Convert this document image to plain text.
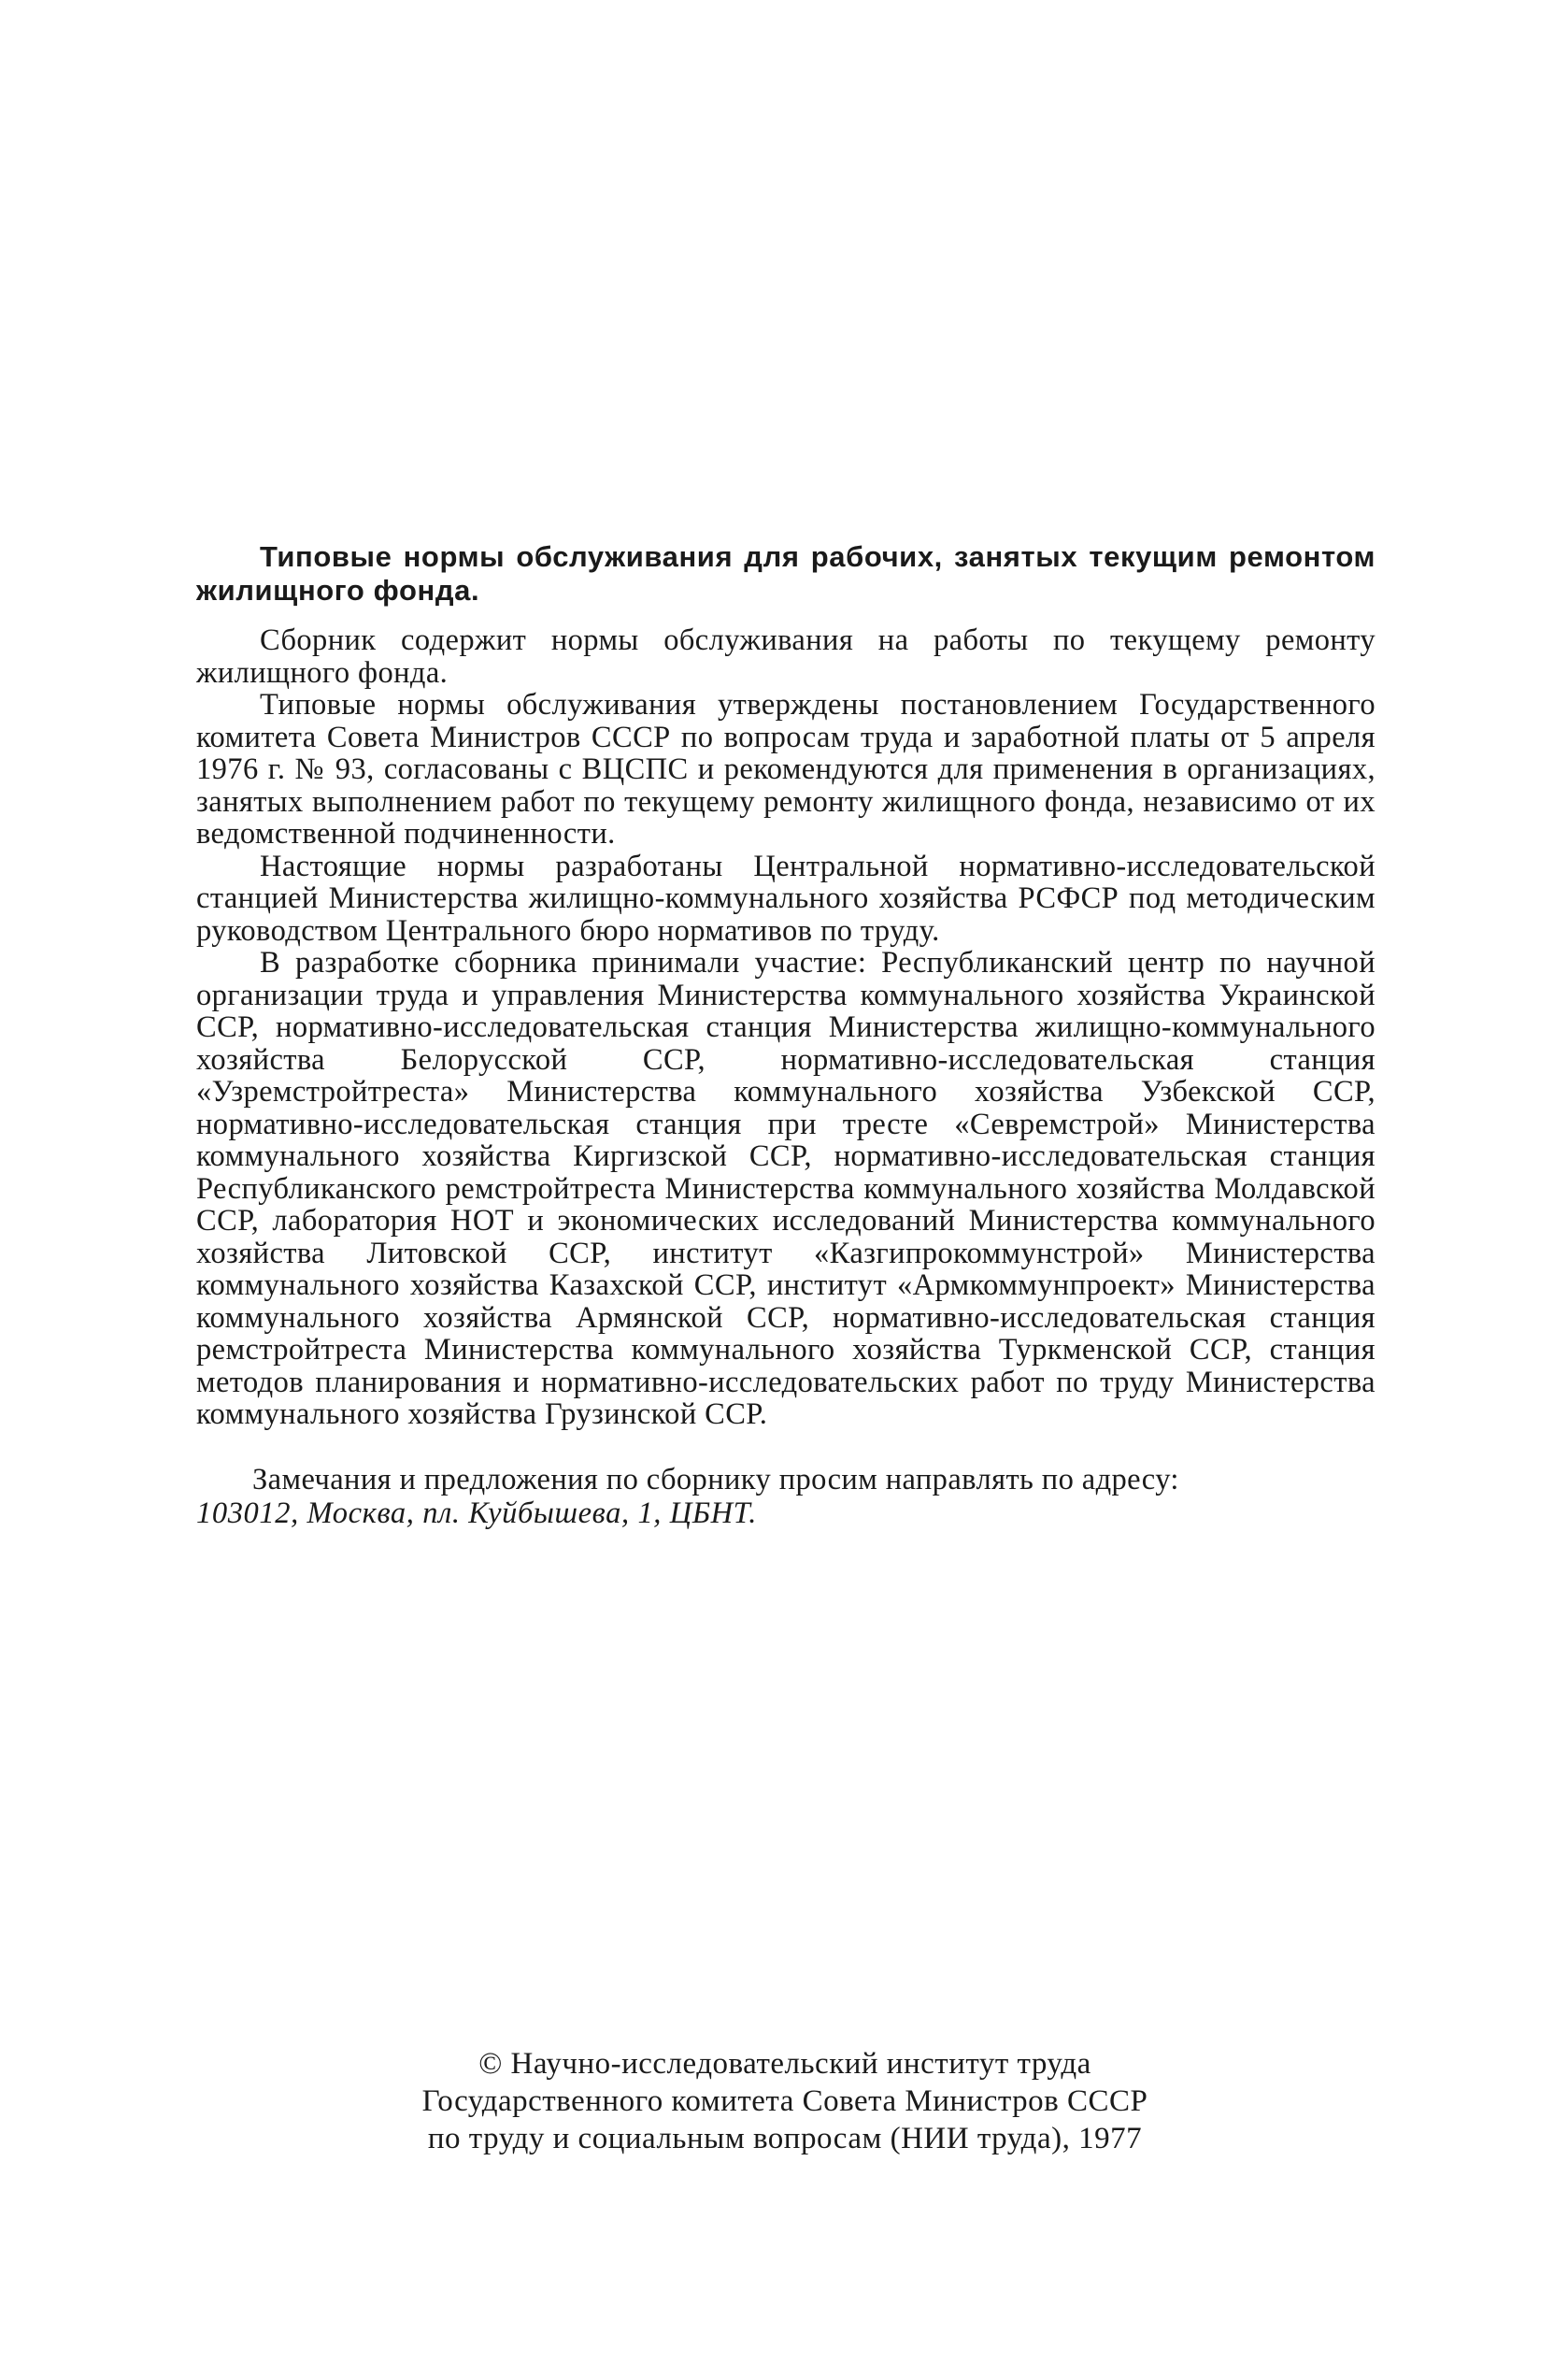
Типовые нормы обслуживания для рабочих, занятых текущим ремонтом жилищного фонда.

Сборник содержит нормы обслуживания на работы по текущему ремонту жилищного фонда.

Типовые нормы обслуживания утверждены постановлением Государственного комитета Совета Министров СССР по вопросам труда и заработной платы от 5 апреля 1976 г. № 93, согласованы с ВЦСПС и рекомендуются для применения в организациях, занятых выполнением работ по текущему ремонту жилищного фонда, независимо от их ведомственной подчиненности.

Настоящие нормы разработаны Центральной нормативно-исследовательской станцией Министерства жилищно-коммунального хозяйства РСФСР под методическим руководством Центрального бюро нормативов по труду.

В разработке сборника принимали участие: Республиканский центр по научной организации труда и управления Министерства коммунального хозяйства Украинской ССР, нормативно-исследовательская станция Министерства жилищно-коммунального хозяйства Белорусской ССР, нормативно-исследовательская станция «Узремстройтреста» Министерства коммунального хозяйства Узбекской ССР, нормативно-исследовательская станция при тресте «Севремстрой» Министерства коммунального хозяйства Киргизской ССР, нормативно-исследовательская станция Республиканского ремстройтреста Министерства коммунального хозяйства Молдавской ССР, лаборатория НОТ и экономических исследований Министерства коммунального хозяйства Литовской ССР, институт «Казгипрокоммунстрой» Министерства коммунального хозяйства Казахской ССР, институт «Армкоммунпроект» Министерства коммунального хозяйства Армянской ССР, нормативно-исследовательская станция ремстройтреста Министерства коммунального хозяйства Туркменской ССР, станция методов планирования и нормативно-исследовательских работ по труду Министерства коммунального хозяйства Грузинской ССР.

Замечания и предложения по сборнику просим направлять по адресу:

103012, Москва, пл. Куйбышева, 1, ЦБНТ.

© Научно-исследовательский институт труда
Государственного комитета Совета Министров СССР
по труду и социальным вопросам (НИИ труда), 1977
